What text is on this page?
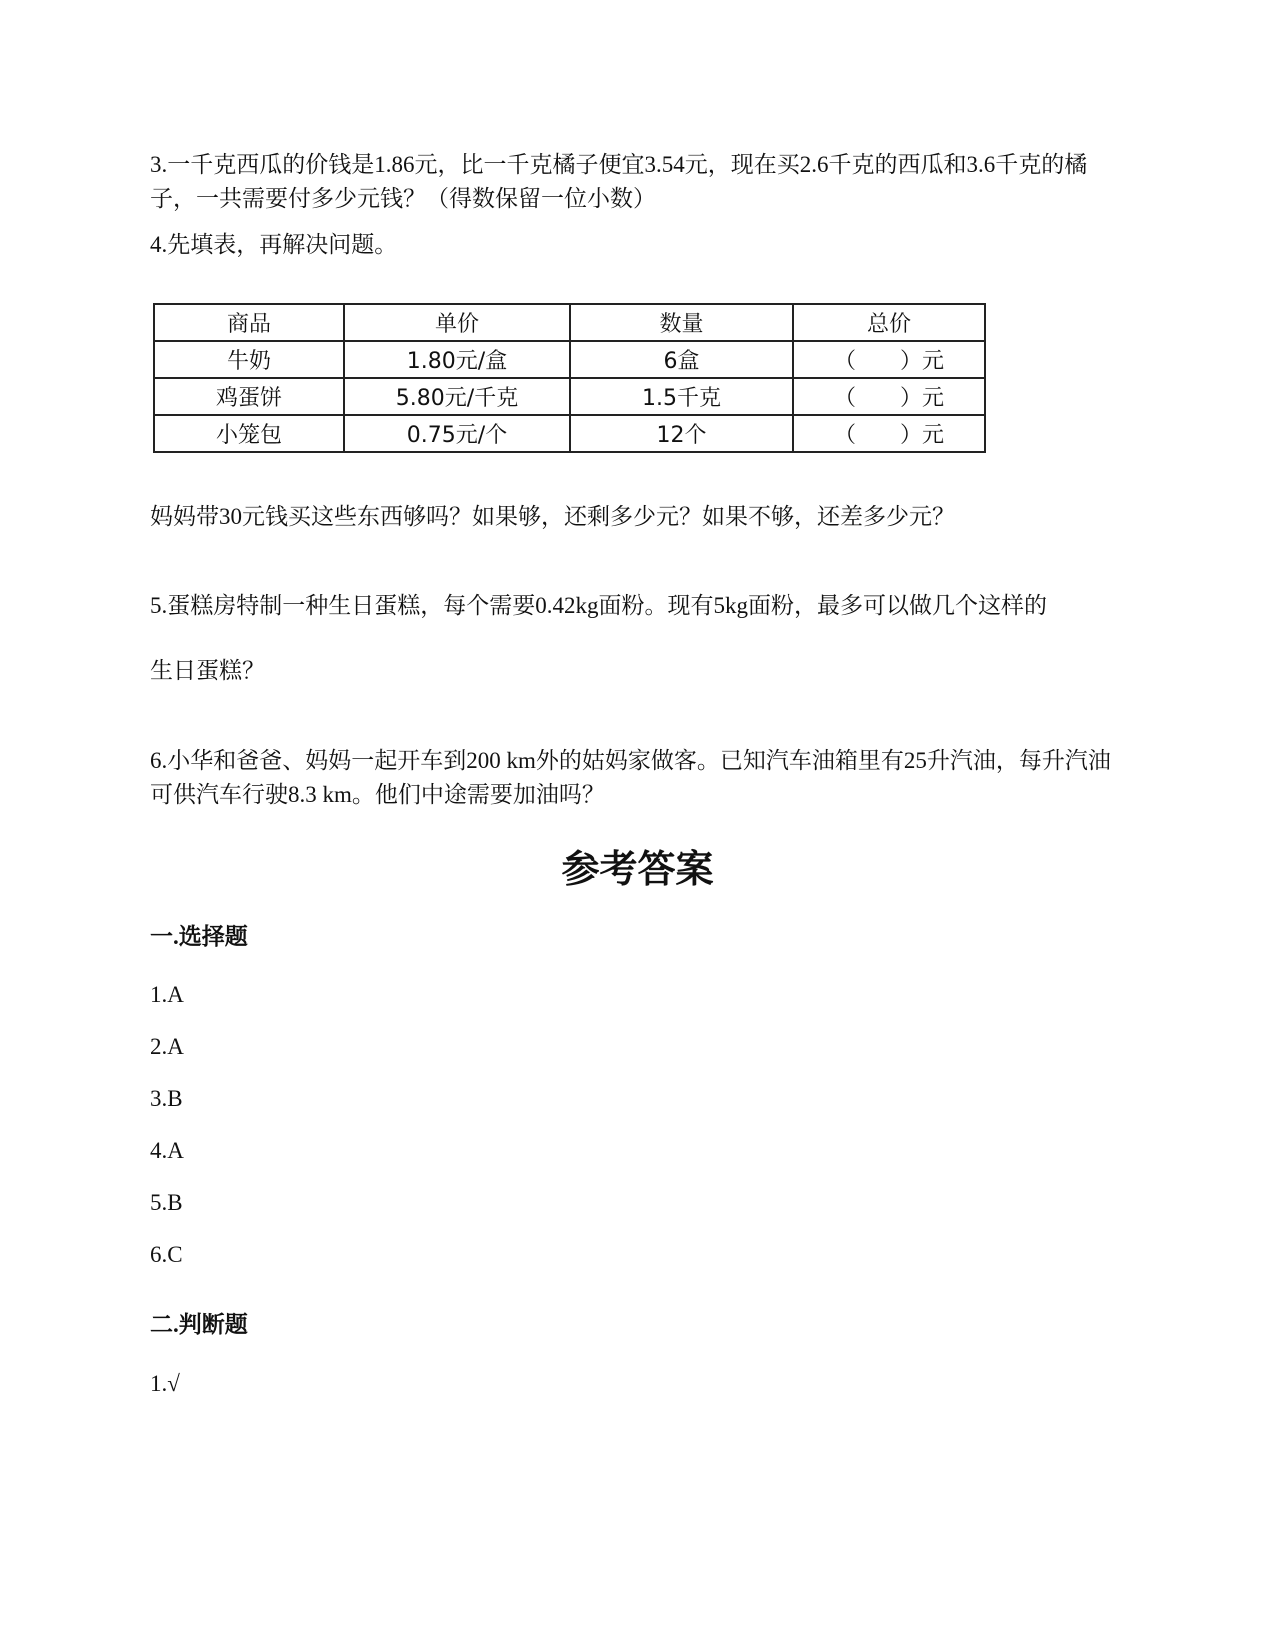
3.一千克西瓜的价钱是1.86元，比一千克橘子便宜3.54元，现在买2.6千克的西瓜和3.6千克的橘子，一共需要付多少元钱？（得数保留一位小数）

4.先填表，再解决问题。

商品	单价	数量	总价
牛奶	1.80元/盒	6盒	（　　）元
鸡蛋饼	5.80元/千克	1.5千克	（　　）元
小笼包	0.75元/个	12个	（　　）元

妈妈带30元钱买这些东西够吗？如果够，还剩多少元？如果不够，还差多少元？

5.蛋糕房特制一种生日蛋糕，每个需要0.42kg面粉。现有5kg面粉，最多可以做几个这样的

生日蛋糕？

6.小华和爸爸、妈妈一起开车到200 km外的姑妈家做客。已知汽车油箱里有25升汽油，每升汽油可供汽车行驶8.3 km。他们中途需要加油吗？

参考答案
一.选择题

1.A

2.A

3.B

4.A

5.B

6.C

二.判断题

1.√
